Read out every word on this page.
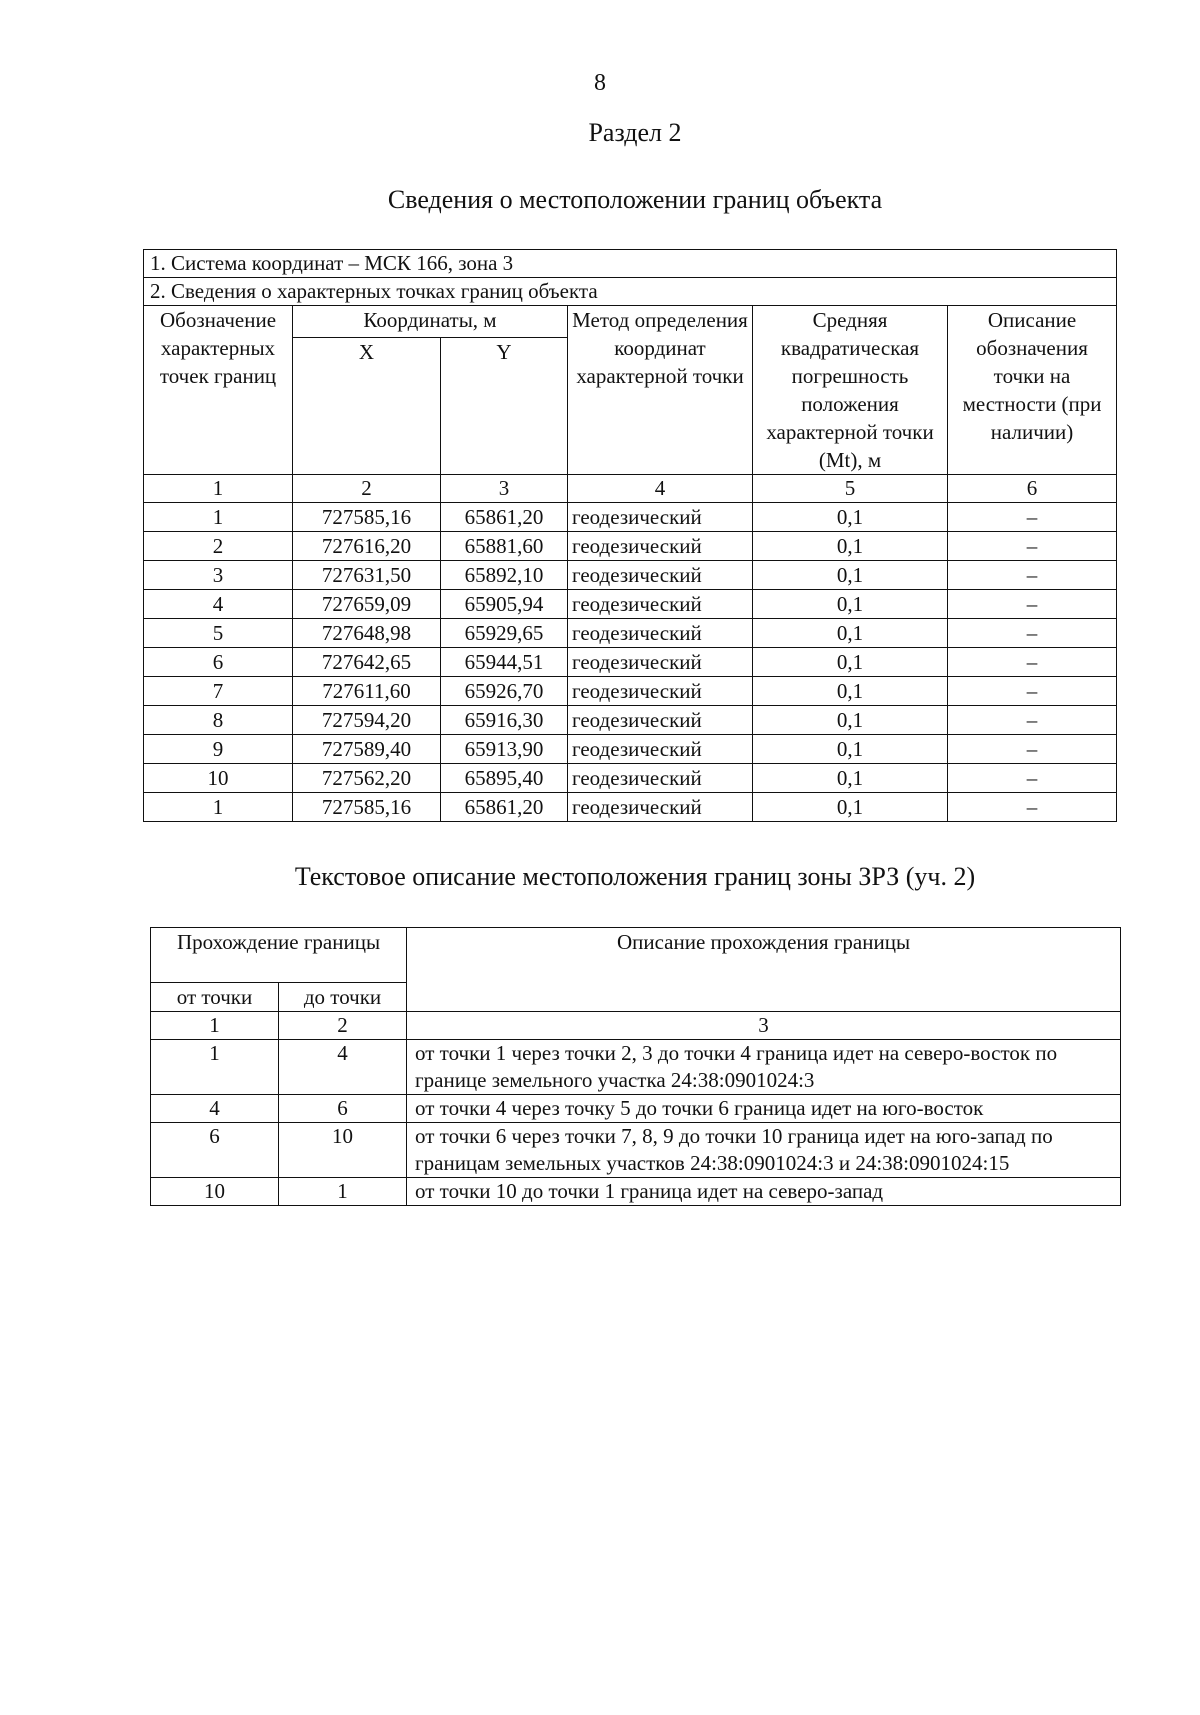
8
Раздел 2
Сведения о местоположении границ объекта
1. Система координат – МСК 166, зона 3					
2. Сведения о характерных точках границ объекта					
Обозначение характерных точек границ	Координаты, м		Метод определения координат характерной точки	Средняя квадратическая погрешность положения характерной точки (Mt), м	Описание обозначения точки на местности (при наличии)
	X	Y			
1	2	3	4	5	6
1	727585,16	65861,20	геодезический	0,1	–
2	727616,20	65881,60	геодезический	0,1	–
3	727631,50	65892,10	геодезический	0,1	–
4	727659,09	65905,94	геодезический	0,1	–
5	727648,98	65929,65	геодезический	0,1	–
6	727642,65	65944,51	геодезический	0,1	–
7	727611,60	65926,70	геодезический	0,1	–
8	727594,20	65916,30	геодезический	0,1	–
9	727589,40	65913,90	геодезический	0,1	–
10	727562,20	65895,40	геодезический	0,1	–
1	727585,16	65861,20	геодезический	0,1	–
Текстовое описание местоположения границ зоны ЗРЗ (уч. 2)
Прохождение границы		Описание прохождения границы
от точки	до точки	
1	2	3
1	4	от точки 1 через точки 2, 3 до точки 4 граница идет на северо-восток по границе земельного участка 24:38:0901024:3
4	6	от точки 4 через точку 5 до точки 6 граница идет на юго-восток
6	10	от точки 6 через точки 7, 8, 9 до точки 10 граница идет на юго-запад по границам земельных участков 24:38:0901024:3 и 24:38:0901024:15
10	1	от точки 10 до точки 1 граница идет на северо-запад
